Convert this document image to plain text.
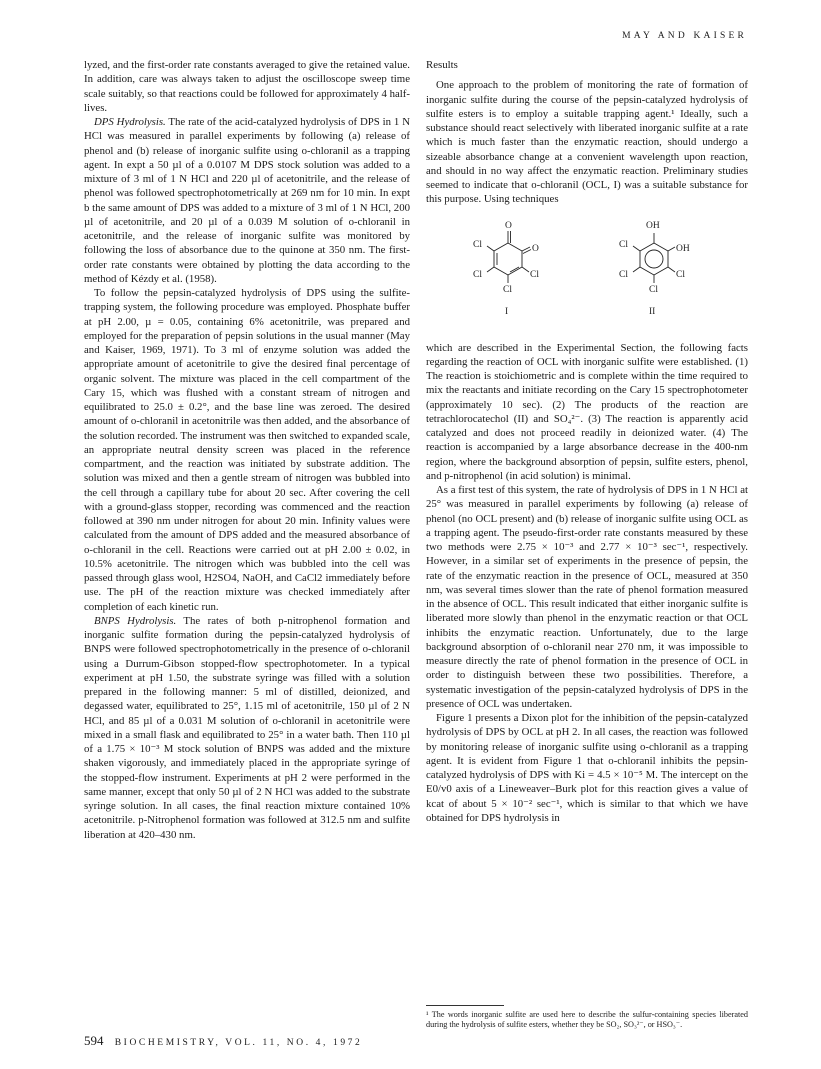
MAY AND KAISER

lyzed, and the first-order rate constants averaged to give the retained value. In addition, care was always taken to adjust the oscilloscope sweep time scale suitably, so that reactions could be followed for approximately 4 half-lives.

DPS Hydrolysis. The rate of the acid-catalyzed hydrolysis of DPS in 1 N HCl was measured in parallel experiments by following (a) release of phenol and (b) release of inorganic sulfite using o-chloranil as a trapping agent. In expt a 50 µl of a 0.0107 M DPS stock solution was added to a mixture of 3 ml of 1 N HCl and 220 µl of acetonitrile, and the release of phenol was followed spectrophotometrically at 269 nm for 10 min. In expt b the same amount of DPS was added to a mixture of 3 ml of 1 N HCl, 200 µl of acetonitrile, and 20 µl of a 0.039 M solution of o-chloranil in acetonitrile, and the release of inorganic sulfite was monitored by following the loss of absorbance due to the quinone at 350 nm. The first-order rate constants were obtained by plotting the data according to the method of Kézdy et al. (1958).

To follow the pepsin-catalyzed hydrolysis of DPS using the sulfite-trapping system, the following procedure was employed. Phosphate buffer at pH 2.00, µ = 0.05, containing 6% acetonitrile, was prepared and employed for the preparation of pepsin solutions in the usual manner (May and Kaiser, 1969, 1971). To 3 ml of enzyme solution was added the appropriate amount of acetonitrile to give the desired final percentage of organic solvent. The mixture was placed in the cell compartment of the Cary 15, which was flushed with a constant stream of nitrogen and equilibrated to 25.0 ± 0.2°, and the base line was zeroed. The desired amount of o-chloranil in acetonitrile was then added, and the absorbance of the solution recorded. The instrument was then switched to expanded scale, an appropriate neutral density screen was placed in the reference compartment, and the reaction was initiated by substrate addition. The solution was mixed and then a gentle stream of nitrogen was bubbled into the cell through a capillary tube for about 20 sec. After covering the cell with a ground-glass stopper, recording was commenced and the reaction followed at 390 nm under nitrogen for about 20 min. Infinity values were calculated from the amount of DPS added and the measured absorbance of o-chloranil in the cell. Reactions were carried out at pH 2.00 ± 0.02, in 10.5% acetonitrile. The nitrogen which was bubbled into the cell was passed through glass wool, H2SO4, NaOH, and CaCl2 immediately before use. The pH of the reaction mixture was checked immediately after completion of each kinetic run.

BNPS Hydrolysis. The rates of both p-nitrophenol formation and inorganic sulfite formation during the pepsin-catalyzed hydrolysis of BNPS were followed spectrophotometrically in the presence of o-chloranil using a Durrum-Gibson stopped-flow spectrophotometer. In a typical experiment at pH 1.50, the substrate syringe was filled with a solution prepared in the following manner: 5 ml of distilled, deionized, and degassed water, equilibrated to 25°, 1.15 ml of acetonitrile, 150 µl of 2 N HCl, and 85 µl of a 0.031 M solution of o-chloranil in acetonitrile were mixed in a small flask and equilibrated to 25° in a water bath. Then 110 µl of a 1.75 × 10⁻³ M stock solution of BNPS was added and the mixture shaken vigorously, and immediately placed in the appropriate syringe of the stopped-flow instrument. Experiments at pH 2 were performed in the same manner, except that only 50 µl of 2 N HCl was added to the substrate syringe solution. In all cases, the final reaction mixture contained 10% acetonitrile. p-Nitrophenol formation was followed at 312.5 nm and sulfite liberation at 420–430 nm.

Results

One approach to the problem of monitoring the rate of formation of inorganic sulfite during the course of the pepsin-catalyzed hydrolysis of sulfite esters is to employ a suitable trapping agent.¹ Ideally, such a substance should react selectively with liberated inorganic sulfite at a rate which is much faster than the enzymatic reaction, should undergo a sizeable absorbance change at a convenient wavelength upon reaction, and should in no way affect the enzymatic reaction. Preliminary studies seemed to indicate that o-chloranil (OCL, I) was a suitable substance for this purpose. Using techniques

O
O
Cl
Cl	Cl
Cl
I
OH
OH
Cl
Cl	Cl
Cl
II

which are described in the Experimental Section, the following facts regarding the reaction of OCL with inorganic sulfite were established. (1) The reaction is stoichiometric and is complete within the time required to mix the reactants and initiate recording on the Cary 15 spectrophotometer (approximately 10 sec). (2) The products of the reaction are tetrachlorocatechol (II) and SO₄²⁻. (3) The reaction is apparently acid catalyzed and does not proceed readily in deionized water. (4) The reaction is accompanied by a large absorbance decrease in the 400-nm region, where the background absorption of pepsin, sulfite esters, phenol, and p-nitrophenol (in acid solution) is minimal.

As a first test of this system, the rate of hydrolysis of DPS in 1 N HCl at 25° was measured in parallel experiments by following (a) release of phenol (no OCL present) and (b) release of inorganic sulfite using OCL as a trapping agent. The pseudo-first-order rate constants measured by these two methods were 2.75 × 10⁻³ and 2.77 × 10⁻³ sec⁻¹, respectively. However, in a similar set of experiments in the presence of pepsin, the rate of the enzymatic reaction in the presence of OCL, measured at 350 nm, was several times slower than the rate of phenol formation measured in the absence of OCL. This result indicated that either inorganic sulfite is liberated more slowly than phenol in the enzymatic reaction or that OCL inhibits the enzymatic reaction. Unfortunately, due to the large background absorption of o-chloranil near 270 nm, it was impossible to measure directly the rate of phenol formation in the presence of OCL in order to distinguish between these two possibilities. Therefore, a systematic investigation of the pepsin-catalyzed hydrolysis of DPS in the presence of OCL was undertaken.

Figure 1 presents a Dixon plot for the inhibition of the pepsin-catalyzed hydrolysis of DPS by OCL at pH 2. In all cases, the reaction was followed by monitoring release of inorganic sulfite using o-chloranil as a trapping agent. It is evident from Figure 1 that o-chloranil inhibits the pepsin-catalyzed hydrolysis of DPS with Ki = 4.5 × 10⁻⁵ M. The intercept on the E0/v0 axis of a Lineweaver–Burk plot for this reaction gives a value of kcat of about 5 × 10⁻² sec⁻¹, which is similar to that which we have obtained for DPS hydrolysis in

¹ The words inorganic sulfite are used here to describe the sulfur-containing species liberated during the hydrolysis of sulfite esters, whether they be SO₂, SO₃²⁻, or HSO₃⁻.
594 BIOCHEMISTRY, VOL. 11, NO. 4, 1972
